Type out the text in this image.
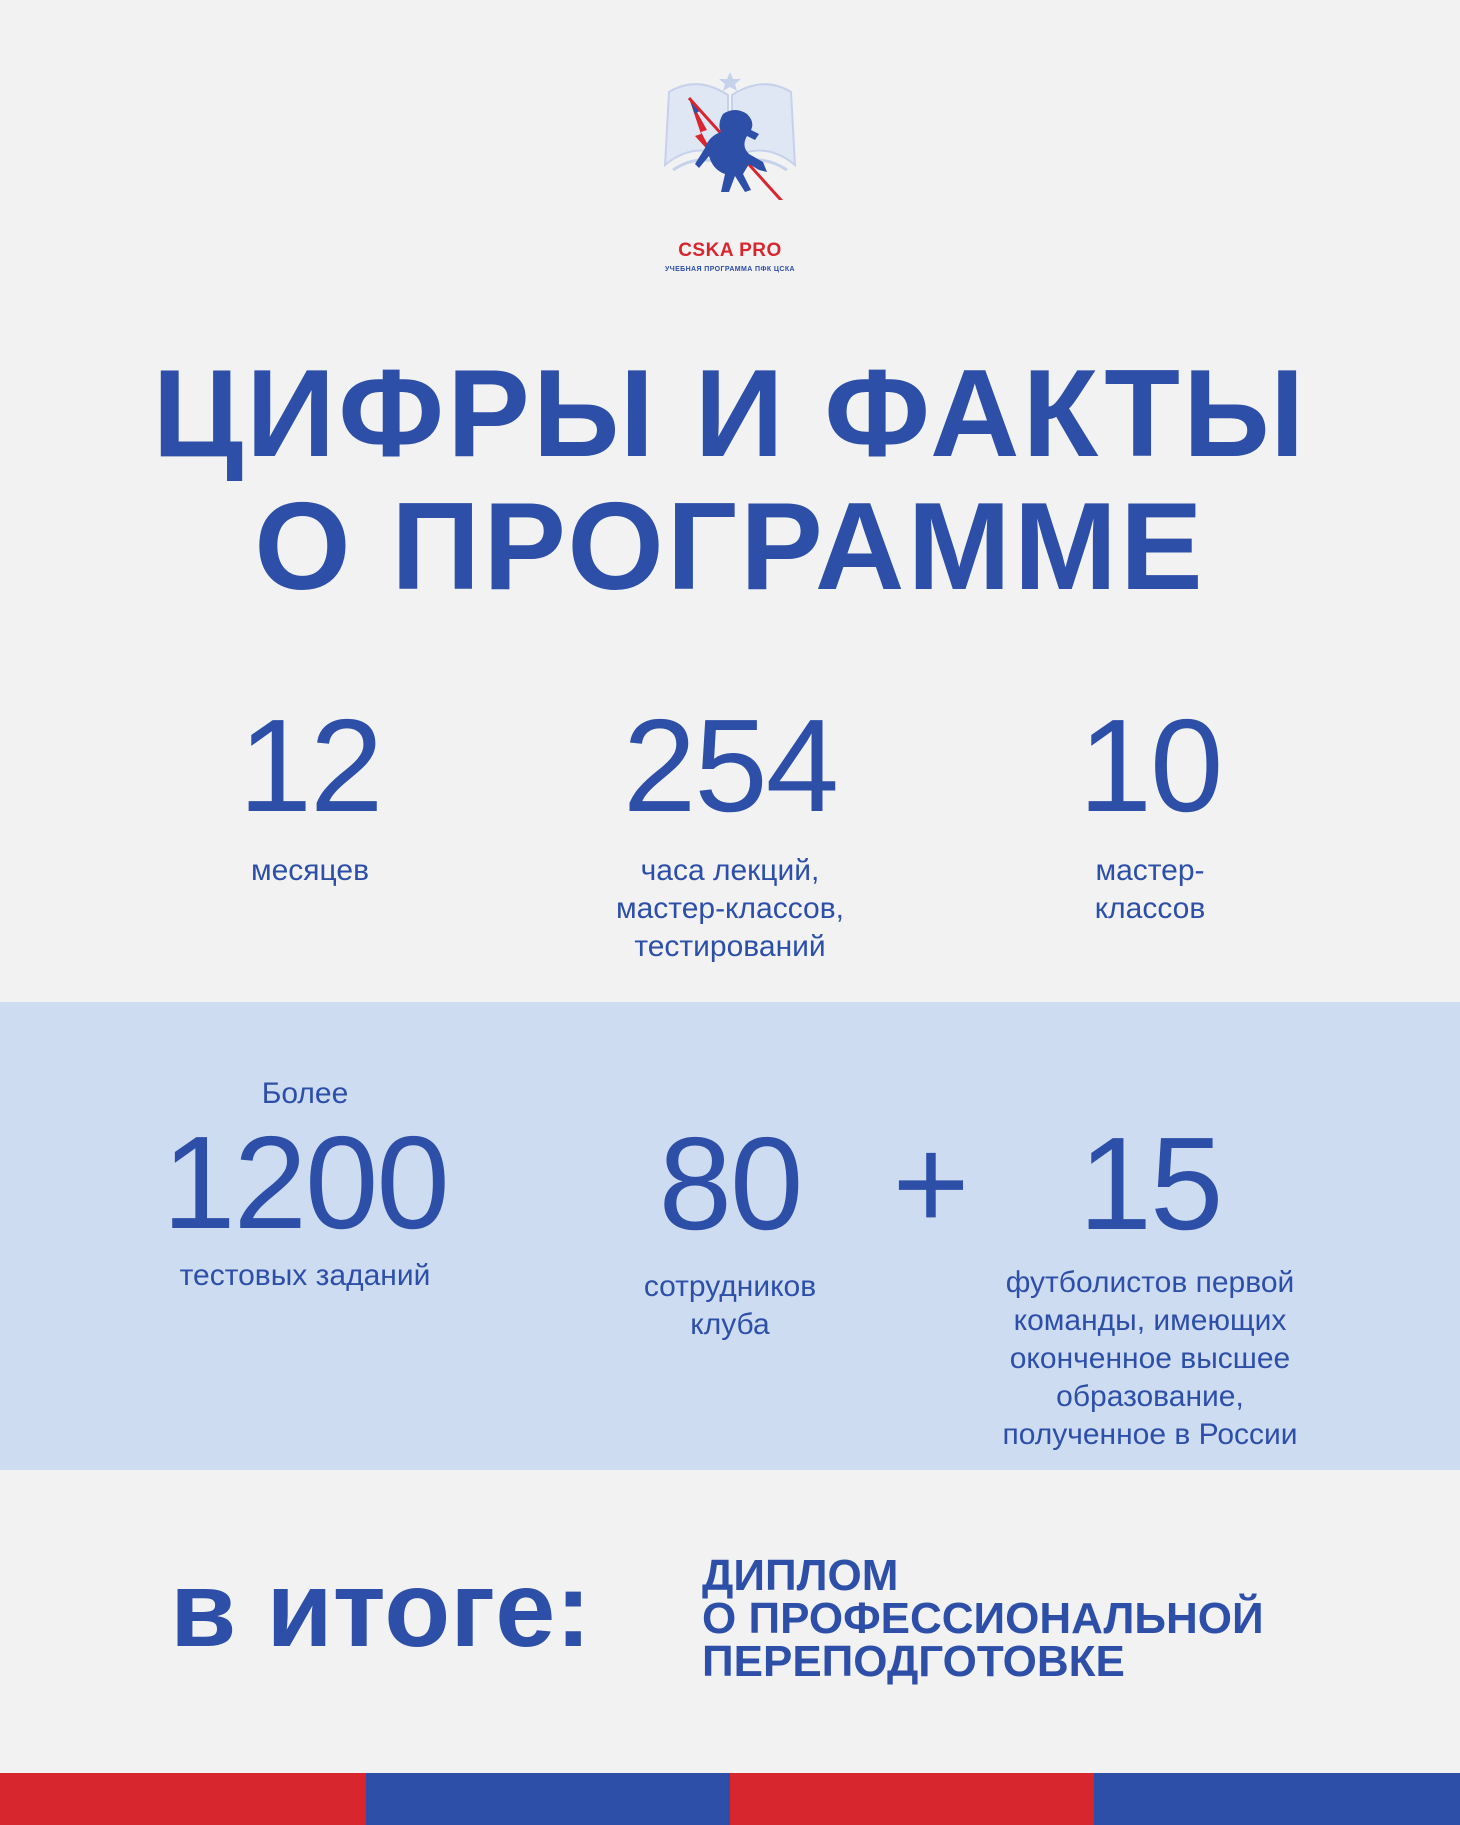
CSKA PRO
УЧЕБНАЯ ПРОГРАММА ПФК ЦСКА
ЦИФРЫ И ФАКТЫ
О ПРОГРАММЕ
12
месяцев
254
часа лекций,
мастер-классов,
тестирований
10
мастер-
классов
Более
1200
тестовых заданий
80
сотрудников
клуба
+ 15
футболистов первой
команды, имеющих
оконченное высшее
образование,
полученное в России
в итоге:	ДИПЛОМ
О ПРОФЕССИОНАЛЬНОЙ
ПЕРЕПОДГОТОВКЕ
